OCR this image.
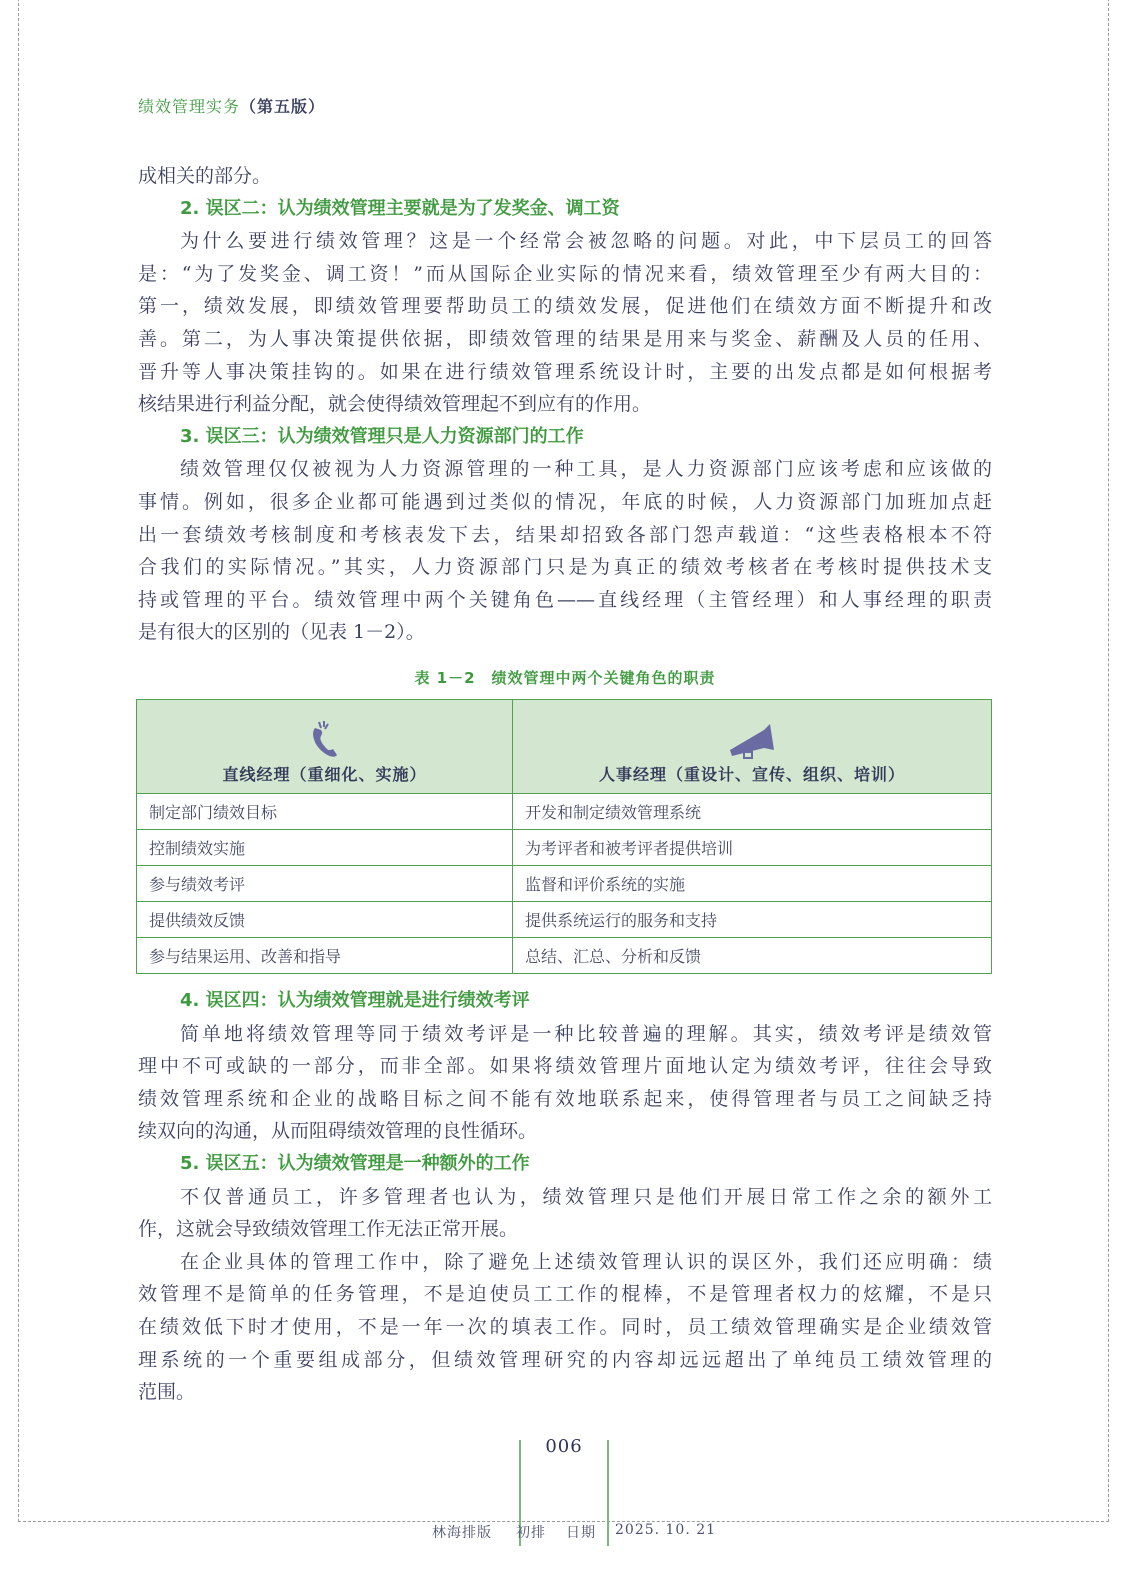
绩效管理实务（第五版）
成相关的部分。
2. 误区二：认为绩效管理主要就是为了发奖金、调工资
为什么要进行绩效管理？这是一个经常会被忽略的问题。对此，中下层员工的回答
是：“为了发奖金、调工资！”而从国际企业实际的情况来看，绩效管理至少有两大目的：
第一，绩效发展，即绩效管理要帮助员工的绩效发展，促进他们在绩效方面不断提升和改
善。第二，为人事决策提供依据，即绩效管理的结果是用来与奖金、薪酬及人员的任用、
晋升等人事决策挂钩的。如果在进行绩效管理系统设计时，主要的出发点都是如何根据考
核结果进行利益分配，就会使得绩效管理起不到应有的作用。
3. 误区三：认为绩效管理只是人力资源部门的工作
绩效管理仅仅被视为人力资源管理的一种工具，是人力资源部门应该考虑和应该做的
事情。例如，很多企业都可能遇到过类似的情况，年底的时候，人力资源部门加班加点赶
出一套绩效考核制度和考核表发下去，结果却招致各部门怨声载道：“这些表格根本不符
合我们的实际情况。”其实，人力资源部门只是为真正的绩效考核者在考核时提供技术支
持或管理的平台。绩效管理中两个关键角色——直线经理（主管经理）和人事经理的职责
是有很大的区别的（见表 1－2）。
表 1－2　绩效管理中两个关键角色的职责
直线经理（重细化、实施）	人事经理（重设计、宣传、组织、培训）
制定部门绩效目标	开发和制定绩效管理系统
控制绩效实施	为考评者和被考评者提供培训
参与绩效考评	监督和评价系统的实施
提供绩效反馈	提供系统运行的服务和支持
参与结果运用、改善和指导	总结、汇总、分析和反馈
4. 误区四：认为绩效管理就是进行绩效考评
简单地将绩效管理等同于绩效考评是一种比较普遍的理解。其实，绩效考评是绩效管
理中不可或缺的一部分，而非全部。如果将绩效管理片面地认定为绩效考评，往往会导致
绩效管理系统和企业的战略目标之间不能有效地联系起来，使得管理者与员工之间缺乏持
续双向的沟通，从而阻碍绩效管理的良性循环。
5. 误区五：认为绩效管理是一种额外的工作
不仅普通员工，许多管理者也认为，绩效管理只是他们开展日常工作之余的额外工
作，这就会导致绩效管理工作无法正常开展。
在企业具体的管理工作中，除了避免上述绩效管理认识的误区外，我们还应明确：绩
效管理不是简单的任务管理，不是迫使员工工作的棍棒，不是管理者权力的炫耀，不是只
在绩效低下时才使用，不是一年一次的填表工作。同时，员工绩效管理确实是企业绩效管
理系统的一个重要组成部分，但绩效管理研究的内容却远远超出了单纯员工绩效管理的
范围。
006
林海排版 初排 日期 2025. 10. 21
